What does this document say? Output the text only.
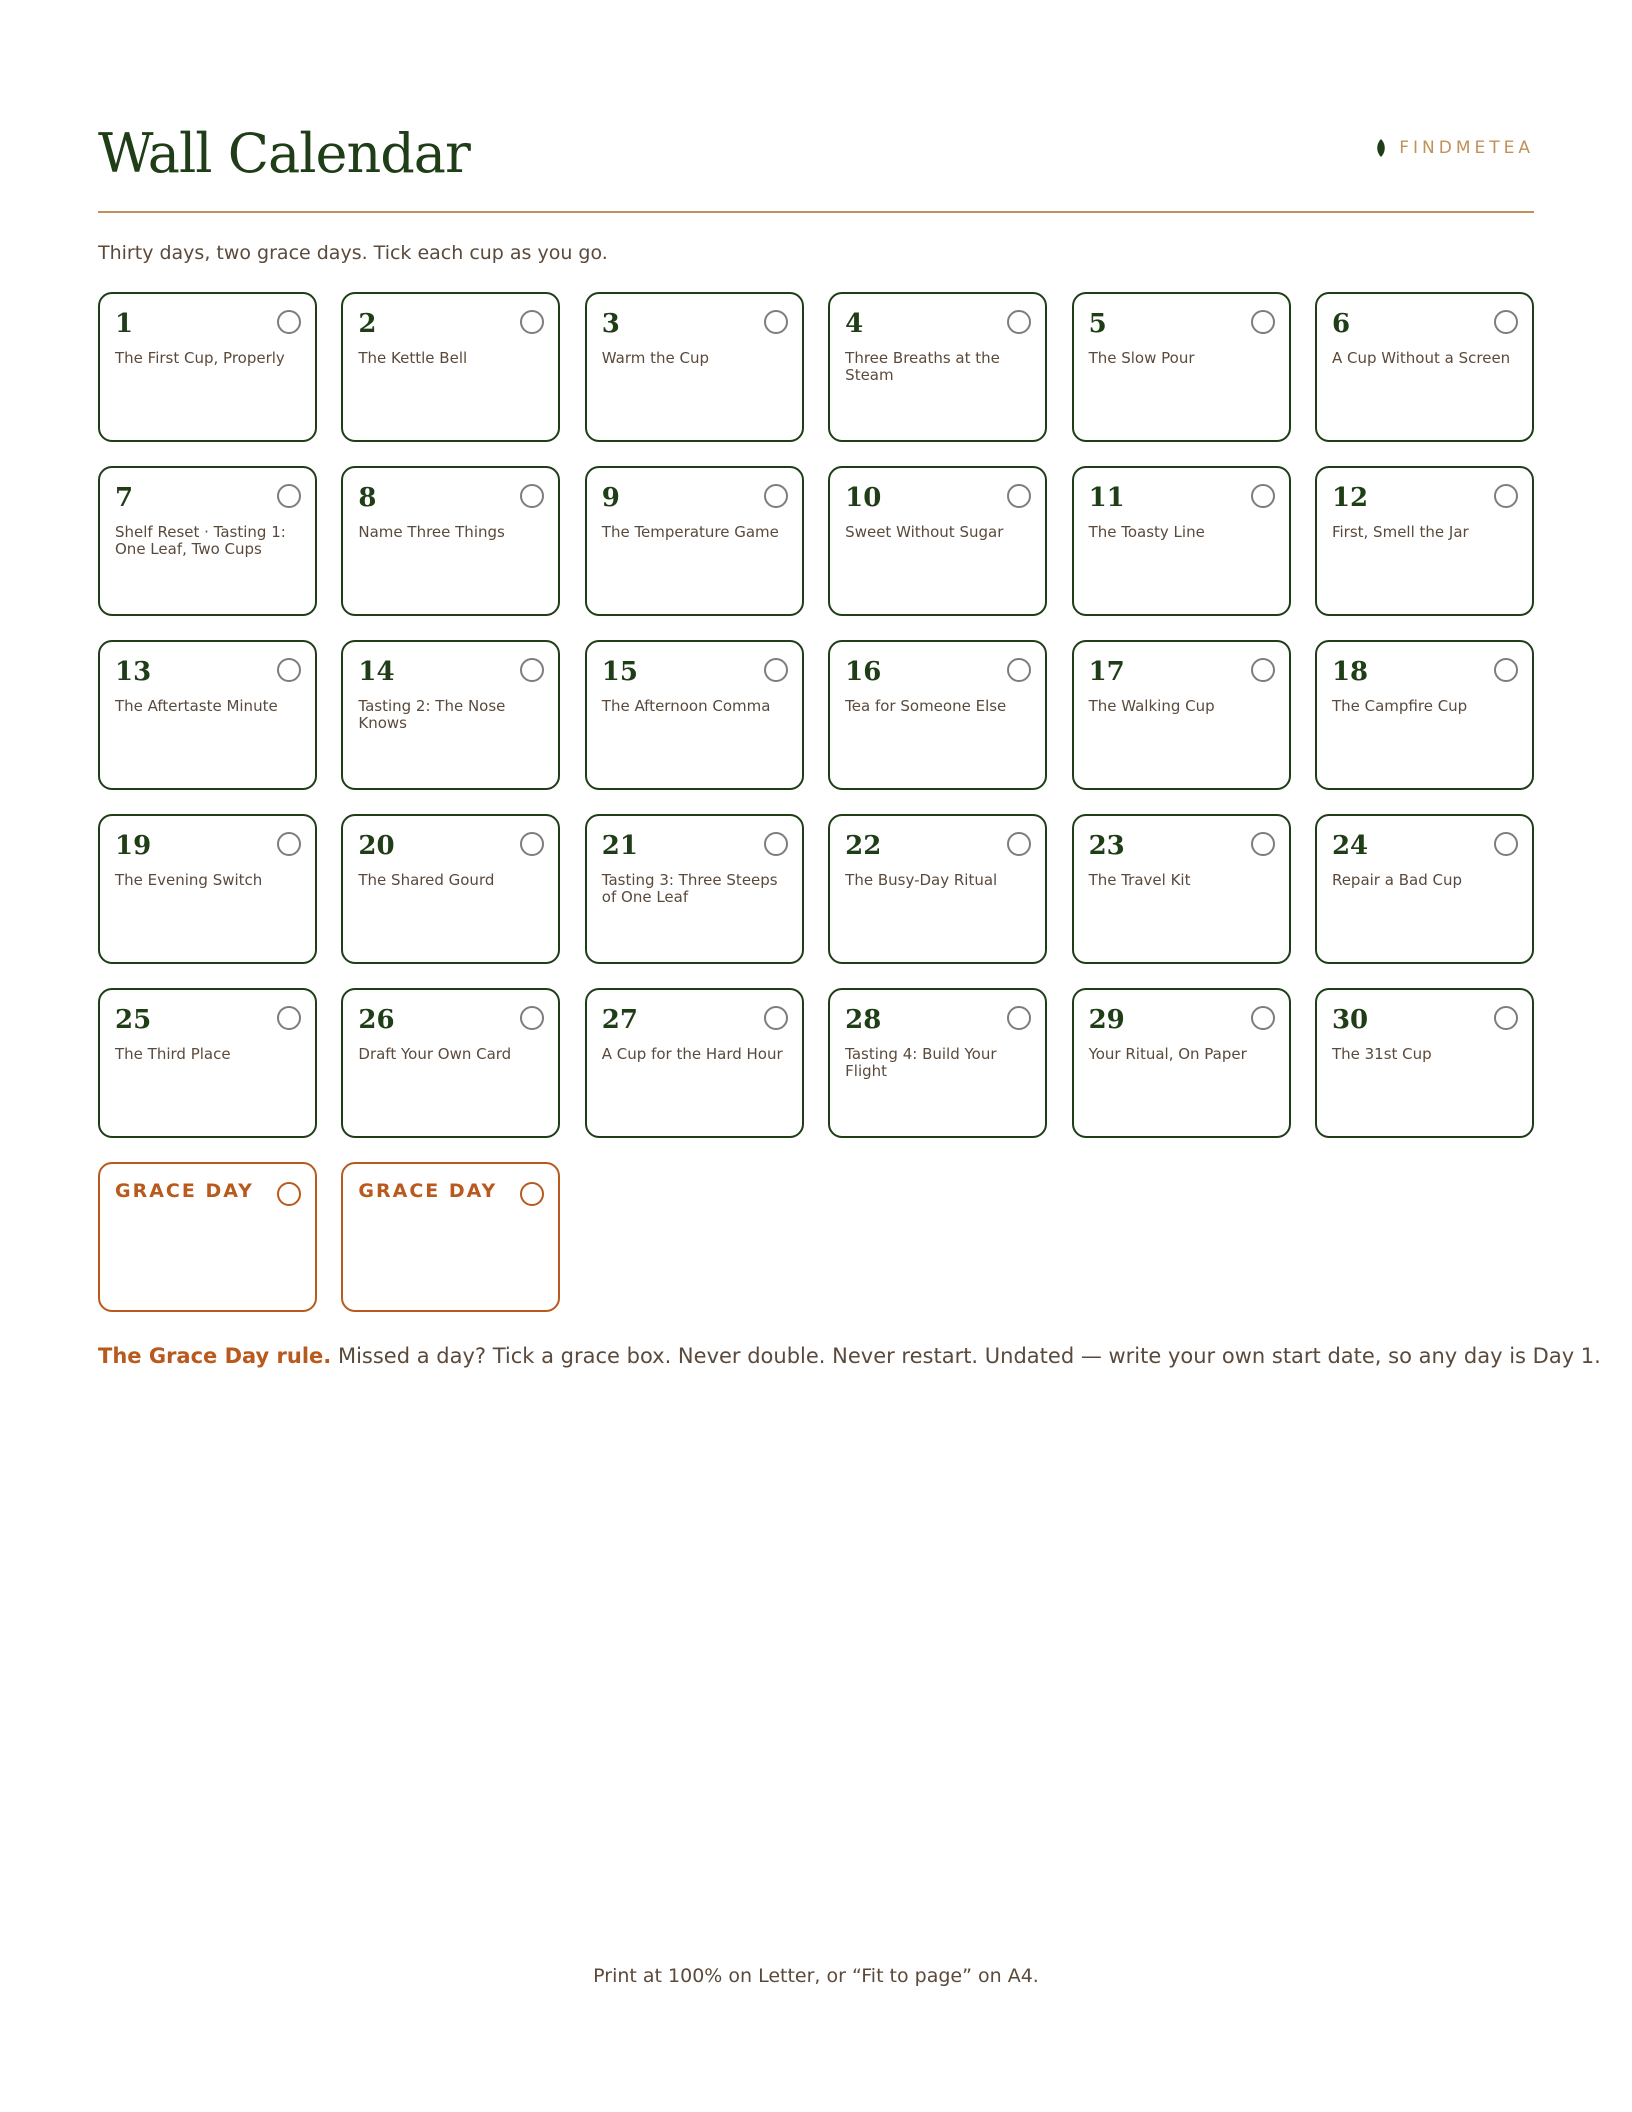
Wall Calendar	FINDMETEA

Thirty days, two grace days. Tick each cup as you go.

1
The First Cup, Properly
2
The Kettle Bell
3
Warm the Cup
4
Three Breaths at the Steam
5
The Slow Pour
6
A Cup Without a Screen
7
Shelf Reset · Tasting 1: One Leaf, Two Cups
8
Name Three Things
9
The Temperature Game
10
Sweet Without Sugar
11
The Toasty Line
12
First, Smell the Jar
13
The Aftertaste Minute
14
Tasting 2: The Nose Knows
15
The Afternoon Comma
16
Tea for Someone Else
17
The Walking Cup
18
The Campfire Cup
19
The Evening Switch
20
The Shared Gourd
21
Tasting 3: Three Steeps of One Leaf
22
The Busy-Day Ritual
23
The Travel Kit
24
Repair a Bad Cup
25
The Third Place
26
Draft Your Own Card
27
A Cup for the Hard Hour
28
Tasting 4: Build Your Flight
29
Your Ritual, On Paper
30
The 31st Cup
GRACE DAY	GRACE DAY

The Grace Day rule. Missed a day? Tick a grace box. Never double. Never restart. Undated — write your own start date, so any day is Day 1.

Print at 100% on Letter, or “Fit to page” on A4.
